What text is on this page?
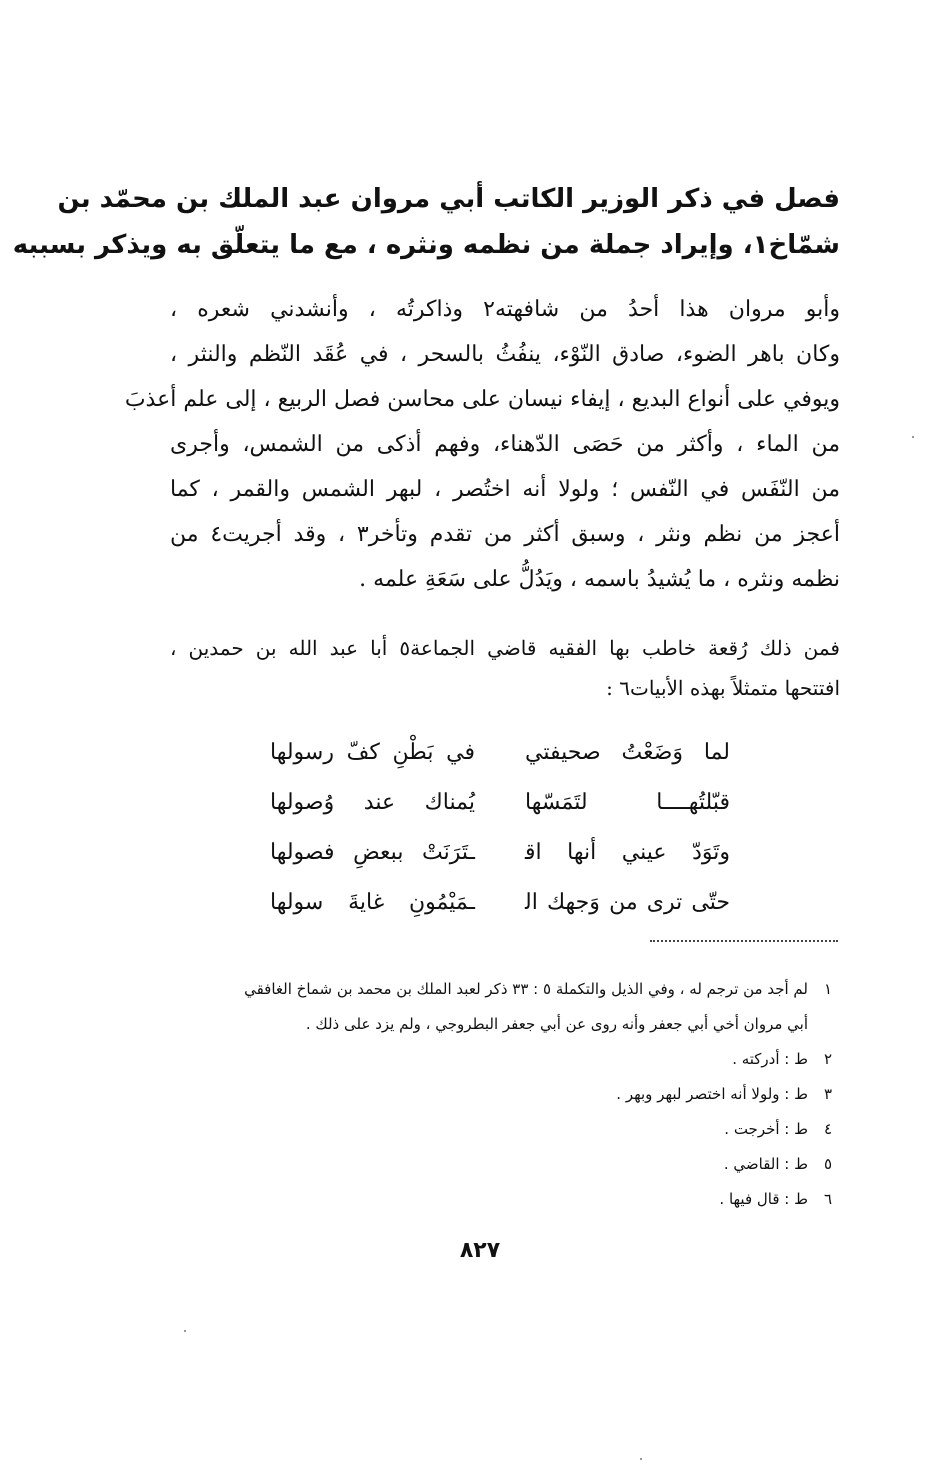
فصل في ذكر الوزير الكاتب أبي مروان عبد الملك بن محمّد بن
شمّاخ١، وإيراد جملة من نظمه ونثره ، مع ما يتعلّق به ويذكر بسببه
وأبو مروان هذا أحدُ من شافهته٢ وذاكرتُه ، وأنشدني شعره ،
وكان باهر الضوء، صادق النّوْء، ينفُثُ بالسحر ، في عُقَد النّظم والنثر ،
ويوفي على أنواع البديع ، إيفاء نيسان على محاسن فصل الربيع ، إلى علم أعذبَ
من الماء ، وأكثر من حَصَى الدّهناء، وفهم أذكى من الشمس، وأجرى
من النّفَس في النّفس ؛ ولولا أنه اختُصر ، لبهر الشمس والقمر ، كما
أعجز من نظم ونثر ، وسبق أكثر من تقدم وتأخر٣ ، وقد أجريت٤ من
نظمه ونثره ، ما يُشيدُ باسمه ، ويَدُلُّ على سَعَةِ علمه .
فمن ذلك رُقعة خاطب بها الفقيه قاضي الجماعة٥ أبا عبد الله بن حمدين ،
افتتحها متمثلاً بهذه الأبيات٦ :
لما وَضَعْتُ صحيفتي
في بَطْنِ كفّ رسولها
قبّلتُهــــا لتَمَسّها
يُمناك عند وُصولها
وتَوَدّ عيني أنها اﻗ
ـتَرَنَتْ ببعضِ فصولها
حتّى ترى من وَجهك اﻟ
ـمَيْمُونِ غايةَ سولها
١
لم أجد من ترجم له ، وفي الذيل والتكملة ٥ : ٣٣ ذكر لعبد الملك بن محمد بن شماخ الغافقي
أبي مروان أخي أبي جعفر وأنه روى عن أبي جعفر البطروجي ، ولم يزد على ذلك .
٢
ط : أدركته .
٣
ط : ولولا أنه اختصر لبهر وبهر .
٤
ط : أخرجت .
٥
ط : القاضي .
٦
ط : قال فيها .
٨٢٧
